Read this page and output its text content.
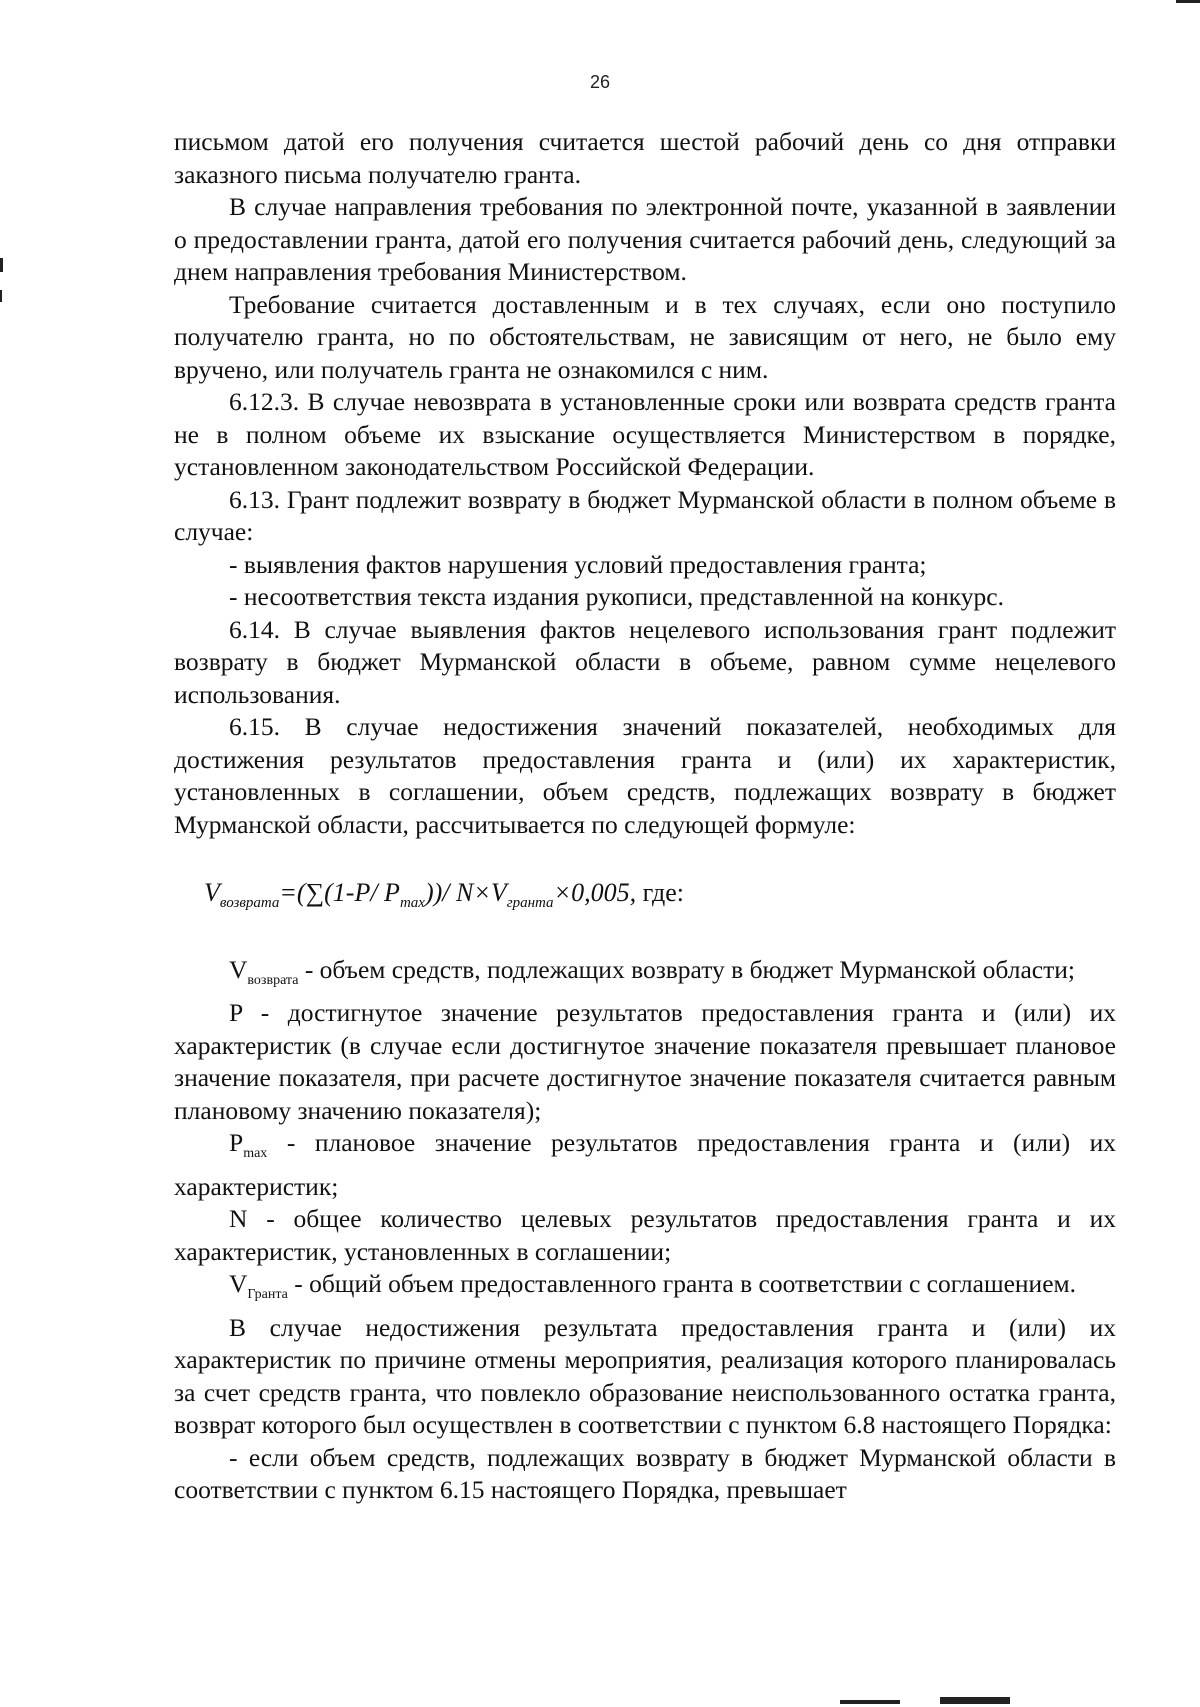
26

письмом датой его получения считается шестой рабочий день со дня отправки заказного письма получателю гранта.

В случае направления требования по электронной почте, указанной в заявлении о предоставлении гранта, датой его получения считается рабочий день, следующий за днем направления требования Министерством.

Требование считается доставленным и в тех случаях, если оно поступило получателю гранта, но по обстоятельствам, не зависящим от него, не было ему вручено, или получатель гранта не ознакомился с ним.

6.12.3. В случае невозврата в установленные сроки или возврата средств гранта не в полном объеме их взыскание осуществляется Министерством в порядке, установленном законодательством Российской Федерации.

6.13. Грант подлежит возврату в бюджет Мурманской области в полном объеме в случае:

- выявления фактов нарушения условий предоставления гранта;

- несоответствия текста издания рукописи, представленной на конкурс.

6.14. В случае выявления фактов нецелевого использования грант подлежит возврату в бюджет Мурманской области в объеме, равном сумме нецелевого использования.

6.15. В случае недостижения значений показателей, необходимых для достижения результатов предоставления гранта и (или) их характеристик, установленных в соглашении, объем средств, подлежащих возврату в бюджет Мурманской области, рассчитывается по следующей формуле:

$V_{возврата}=(\sum(1-P/$ $P_{max}))/$ $N\times V_{гранта}\times 0,005$, где:

$V_{возврата}$ - объем средств, подлежащих возврату в бюджет Мурманской области;

P - достигнутое значение результатов предоставления гранта и (или) их характеристик (в случае если достигнутое значение показателя превышает плановое значение показателя, при расчете достигнутое значение показателя считается равным плановому значению показателя);

$P_{max}$ - плановое значение результатов предоставления гранта и (или) их характеристик;

N - общее количество целевых результатов предоставления гранта и их характеристик, установленных в соглашении;

$V_{Гранта}$ - общий объем предоставленного гранта в соответствии с соглашением.

В случае недостижения результата предоставления гранта и (или) их характеристик по причине отмены мероприятия, реализация которого планировалась за счет средств гранта, что повлекло образование неиспользованного остатка гранта, возврат которого был осуществлен в соответствии с пунктом 6.8 настоящего Порядка:

- если объем средств, подлежащих возврату в бюджет Мурманской области в соответствии с пунктом 6.15 настоящего Порядка, превышает
